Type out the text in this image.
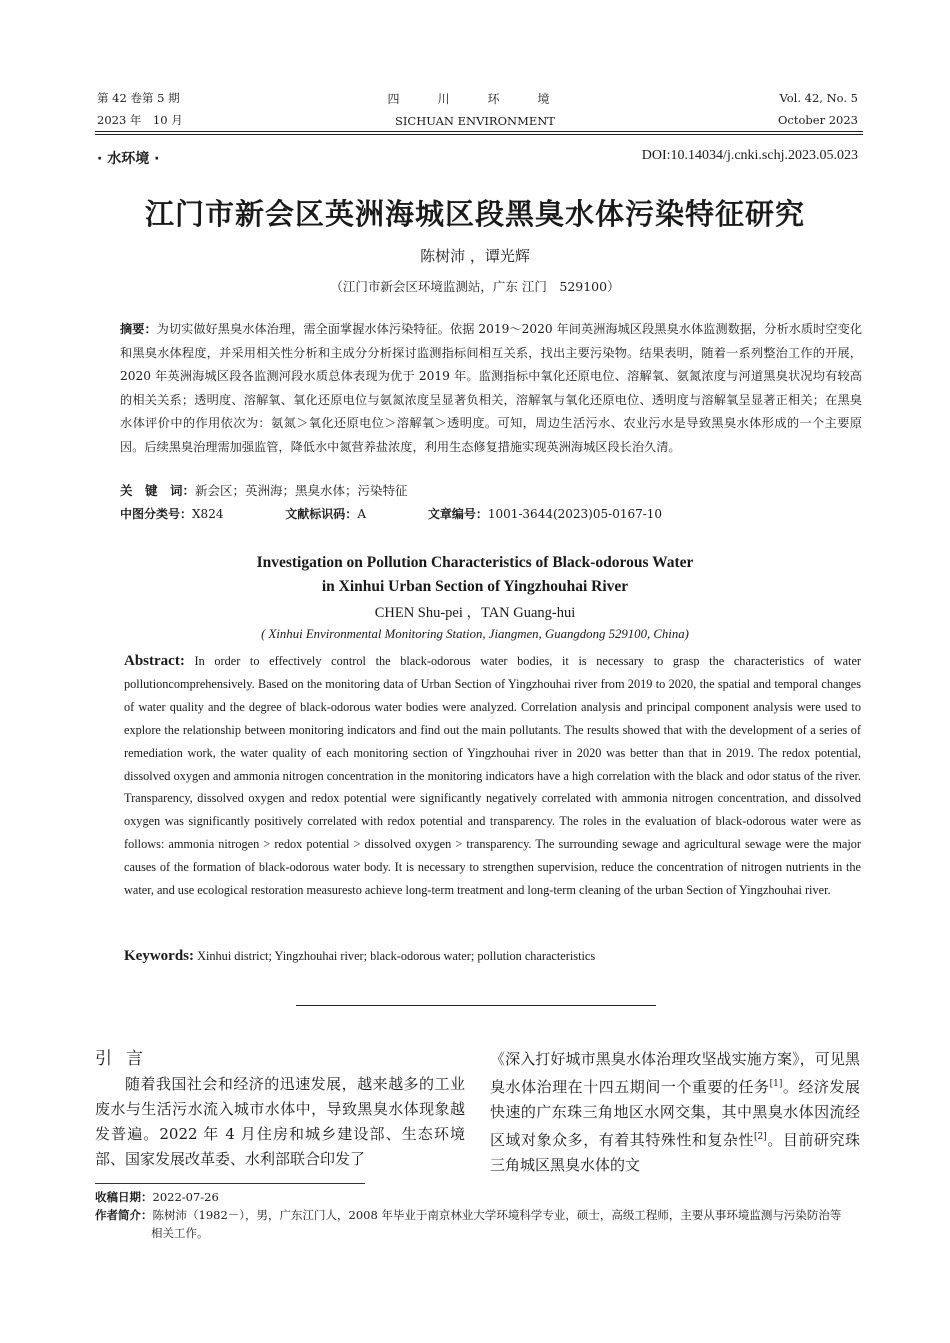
第 42 卷第 5 期
2023 年　10 月
四　川　环　境
SICHUAN ENVIRONMENT
Vol. 42, No. 5
October 2023
· 水环境 ·	DOI:10.14034/j.cnki.schj.2023.05.023
江门市新会区英洲海城区段黑臭水体污染特征研究
陈树沛 ，谭光辉
（江门市新会区环境监测站，广东 江门　529100）
摘要：为切实做好黑臭水体治理，需全面掌握水体污染特征。依据 2019～2020 年间英洲海城区段黑臭水体监测数据，分析水质时空变化和黑臭水体程度，并采用相关性分析和主成分分析探讨监测指标间相互关系，找出主要污染物。结果表明，随着一系列整治工作的开展，2020 年英洲海城区段各监测河段水质总体表现为优于 2019 年。监测指标中氧化还原电位、溶解氧、氨氮浓度与河道黑臭状况均有较高的相关关系；透明度、溶解氧、氧化还原电位与氨氮浓度呈显著负相关，溶解氧与氧化还原电位、透明度与溶解氧呈显著正相关；在黑臭水体评价中的作用依次为：氨氮＞氧化还原电位＞溶解氧＞透明度。可知，周边生活污水、农业污水是导致黑臭水体形成的一个主要原因。后续黑臭治理需加强监管，降低水中氮营养盐浓度，利用生态修复措施实现英洲海城区段长治久清。
关　键　词：新会区；英洲海；黑臭水体；污染特征
中图分类号：X824	文献标识码：A	文章编号：1001-3644(2023)05-0167-10
Investigation on Pollution Characteristics of Black-odorous Water
in Xinhui Urban Section of Yingzhouhai River
CHEN Shu-pei ，TAN Guang-hui
( Xinhui Environmental Monitoring Station, Jiangmen, Guangdong 529100, China)
Abstract: In order to effectively control the black-odorous water bodies, it is necessary to grasp the characteristics of water pollutioncomprehensively. Based on the monitoring data of Urban Section of Yingzhouhai river from 2019 to 2020, the spatial and temporal changes of water quality and the degree of black-odorous water bodies were analyzed. Correlation analysis and principal component analysis were used to explore the relationship between monitoring indicators and find out the main pollutants. The results showed that with the development of a series of remediation work, the water quality of each monitoring section of Yingzhouhai river in 2020 was better than that in 2019. The redox potential, dissolved oxygen and ammonia nitrogen concentration in the monitoring indicators have a high correlation with the black and odor status of the river. Transparency, dissolved oxygen and redox potential were significantly negatively correlated with ammonia nitrogen concentration, and dissolved oxygen was significantly positively correlated with redox potential and transparency. The roles in the evaluation of black-odorous water were as follows: ammonia nitrogen > redox potential > dissolved oxygen > transparency. The surrounding sewage and agricultural sewage were the major causes of the formation of black-odorous water body. It is necessary to strengthen supervision, reduce the concentration of nitrogen nutrients in the water, and use ecological restoration measuresto achieve long-term treatment and long-term cleaning of the urban Section of Yingzhouhai river.
Keywords: Xinhui district; Yingzhouhai river; black-odorous water; pollution characteristics
引言
随着我国社会和经济的迅速发展，越来越多的工业废水与生活污水流入城市水体中，导致黑臭水体现象越发普遍。2022 年 4 月住房和城乡建设部、生态环境部、国家发展改革委、水利部联合印发了
《深入打好城市黑臭水体治理攻坚战实施方案》，可见黑臭水体治理在十四五期间一个重要的任务[1]。经济发展快速的广东珠三角地区水网交集，其中黑臭水体因流经区域对象众多，有着其特殊性和复杂性[2]。目前研究珠三角城区黑臭水体的文
收稿日期：2022-07-26
作者简介：陈树沛（1982－），男，广东江门人，2008 年毕业于南京林业大学环境科学专业，硕士，高级工程师，主要从事环境监测与污染防治等
相关工作。
